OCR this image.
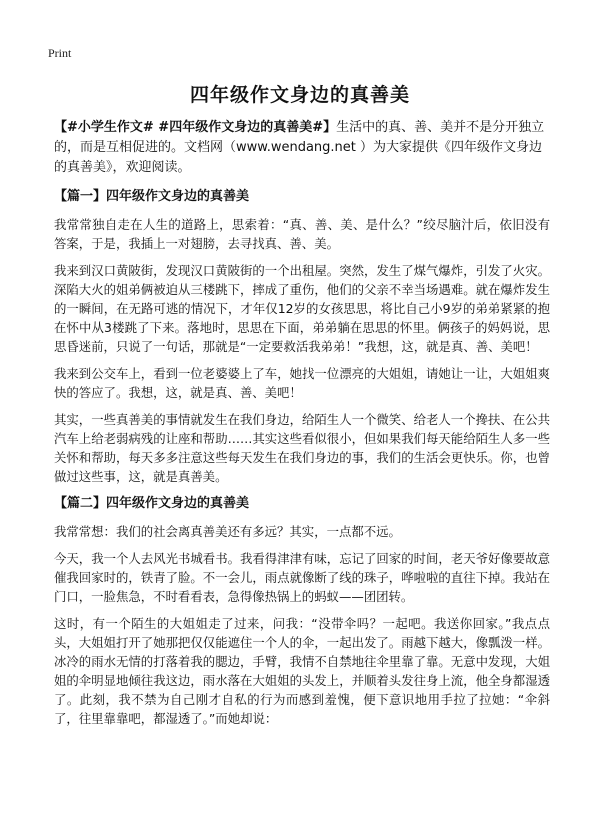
Print
四年级作文身边的真善美
【#小学生作文# #四年级作文身边的真善美#】生活中的真、善、美并不是分开独立的，而是互相促进的。文档网（www.wendang.net ）为大家提供《四年级作文身边的真善美》，欢迎阅读。
【篇一】四年级作文身边的真善美

我常常独自走在人生的道路上，思索着：“真、善、美、是什么？”绞尽脑汁后，依旧没有答案，于是，我插上一对翅膀，去寻找真、善、美。

我来到汉口黄陂街，发现汉口黄陂街的一个出租屋。突然，发生了煤气爆炸，引发了火灾。深陷大火的姐弟俩被迫从三楼跳下，摔成了重伤，他们的父亲不幸当场遇难。就在爆炸发生的一瞬间，在无路可逃的情况下，才年仅12岁的女孩思思，将比自己小9岁的弟弟紧紧的抱在怀中从3楼跳了下来。落地时，思思在下面，弟弟躺在思思的怀里。俩孩子的妈妈说，思思昏迷前，只说了一句话，那就是“一定要救活我弟弟！”我想，这，就是真、善、美吧！

我来到公交车上，看到一位老婆婆上了车，她找一位漂亮的大姐姐，请她让一让，大姐姐爽快的答应了。我想，这，就是真、善、美吧！

其实，一些真善美的事情就发生在我们身边，给陌生人一个微笑、给老人一个搀扶、在公共汽车上给老弱病残的让座和帮助……其实这些看似很小，但如果我们每天能给陌生人多一些关怀和帮助，每天多多注意这些每天发生在我们身边的事，我们的生活会更快乐。你，也曾做过这些事，这，就是真善美。

【篇二】四年级作文身边的真善美

我常常想：我们的社会离真善美还有多远？其实，一点都不远。

今天，我一个人去风光书城看书。我看得津津有味，忘记了回家的时间，老天爷好像要故意催我回家时的，铁青了脸。不一会儿，雨点就像断了线的珠子，哗啦啦的直往下掉。我站在门口，一脸焦急，不时看看表，急得像热锅上的蚂蚁——团团转。

这时，有一个陌生的大姐姐走了过来，问我：“没带伞吗？一起吧。我送你回家。”我点点头，大姐姐打开了她那把仅仅能遮住一个人的伞，一起出发了。雨越下越大，像瓢泼一样。冰冷的雨水无情的打落着我的腮边，手臂，我情不自禁地往伞里靠了靠。无意中发现，大姐姐的伞明显地倾往我这边，雨水落在大姐姐的头发上，并顺着头发往身上流，他全身都湿透了。此刻，我不禁为自己刚才自私的行为而感到羞愧，便下意识地用手拉了拉她：“伞斜了，往里靠靠吧，都湿透了。”而她却说：
